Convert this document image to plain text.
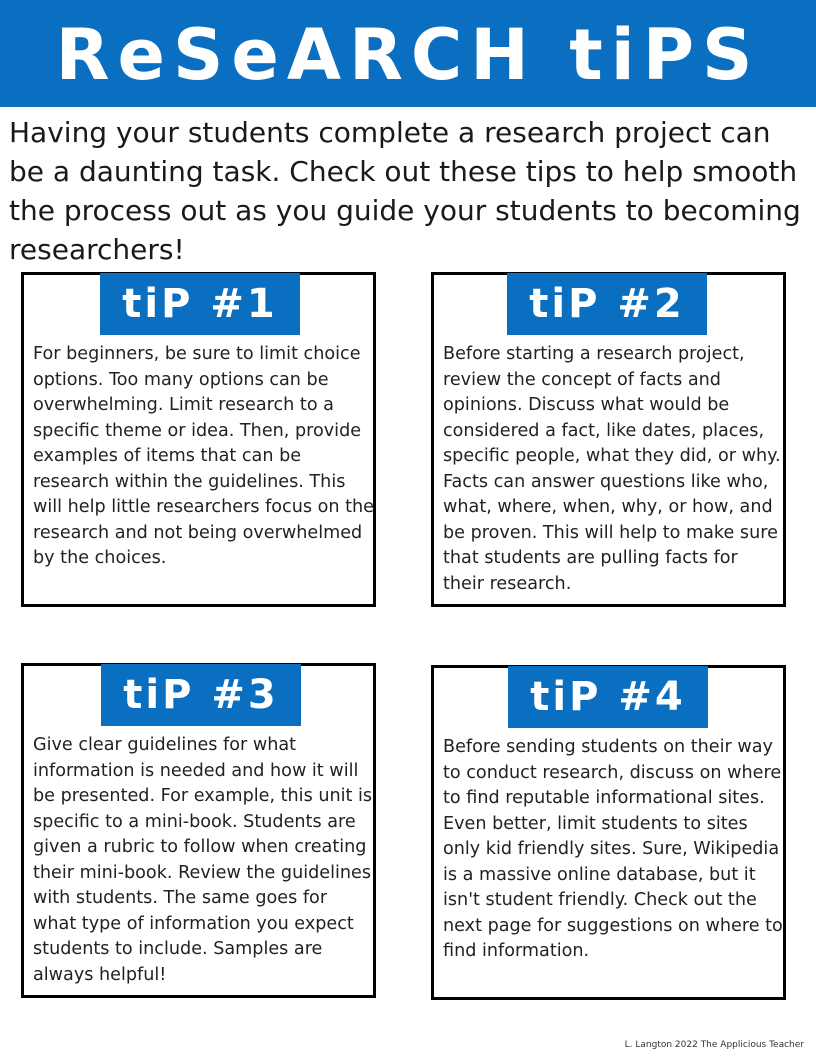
ReSeARCH tiPS

Having your students complete a research project can be a daunting task. Check out these tips to help smooth the process out as you guide your students to becoming researchers!

tiP #1

For beginners, be sure to limit choice options. Too many options can be overwhelming. Limit research to a specific theme or idea. Then, provide examples of items that can be research within the guidelines. This will help little researchers focus on the research and not being overwhelmed by the choices.

tiP #2

Before starting a research project, review the concept of facts and opinions. Discuss what would be considered a fact, like dates, places, specific people, what they did, or why. Facts can answer questions like who, what, where, when, why, or how, and be proven. This will help to make sure that students are pulling facts for their research.

tiP #3

Give clear guidelines for what information is needed and how it will be presented. For example, this unit is specific to a mini-book. Students are given a rubric to follow when creating their mini-book. Review the guidelines with students. The same goes for what type of information you expect students to include. Samples are always helpful!

tiP #4

Before sending students on their way to conduct research, discuss on where to find reputable informational sites. Even better, limit students to sites only kid friendly sites. Sure, Wikipedia is a massive online database, but it isn't student friendly. Check out the next page for suggestions on where to find information.

L. Langton 2022 The Applicious Teacher
